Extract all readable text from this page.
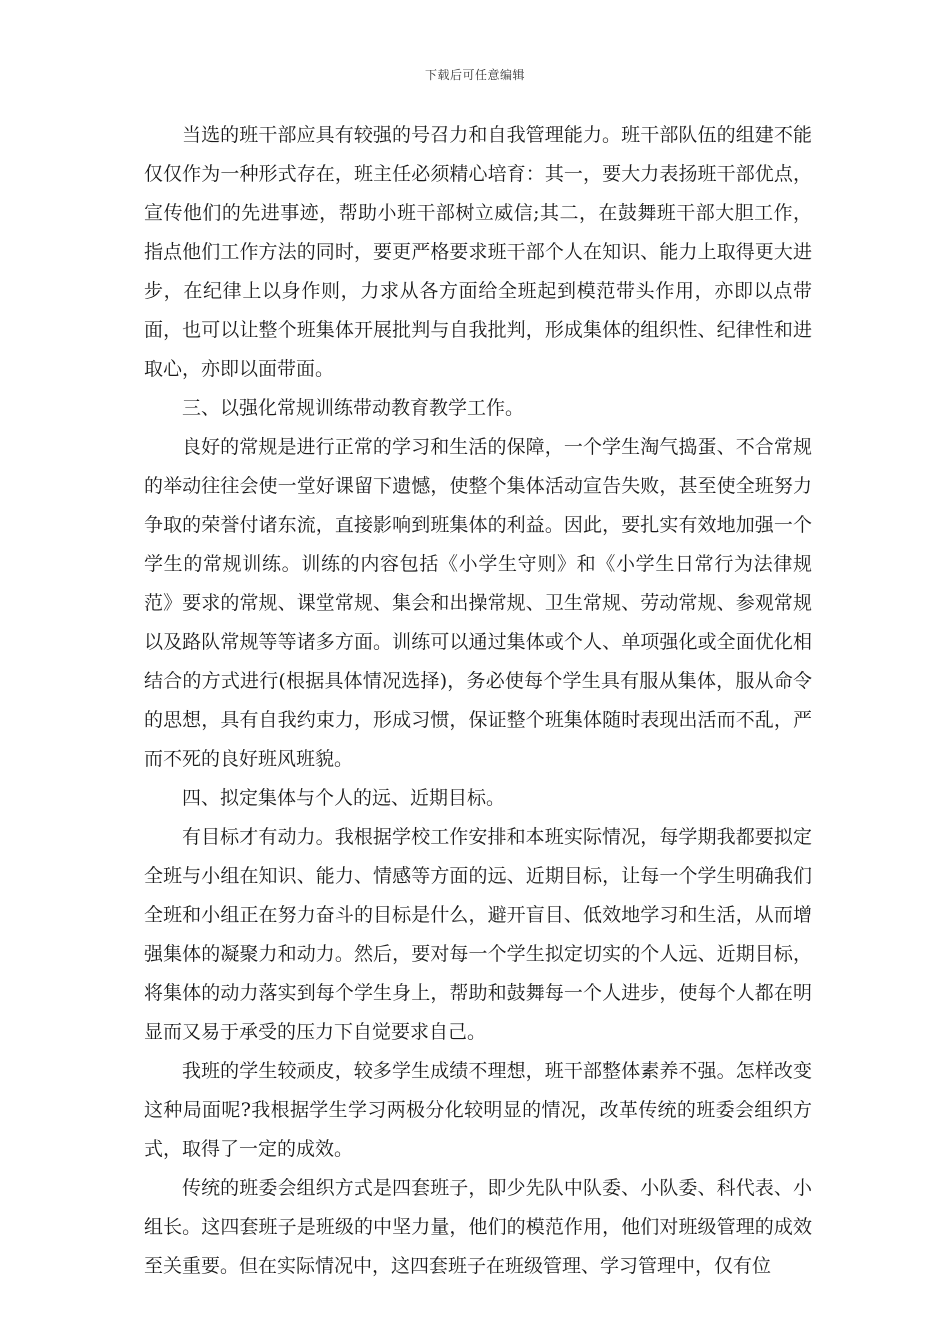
下载后可任意编辑

当选的班干部应具有较强的号召力和自我管理能力。班干部队伍的组建不能仅仅作为一种形式存在，班主任必须精心培育：其一，要大力表扬班干部优点，宣传他们的先进事迹，帮助小班干部树立威信;其二，在鼓舞班干部大胆工作，指点他们工作方法的同时，要更严格要求班干部个人在知识、能力上取得更大进步，在纪律上以身作则，力求从各方面给全班起到模范带头作用，亦即以点带面，也可以让整个班集体开展批判与自我批判，形成集体的组织性、纪律性和进取心，亦即以面带面。

三、以强化常规训练带动教育教学工作。

良好的常规是进行正常的学习和生活的保障，一个学生淘气捣蛋、不合常规的举动往往会使一堂好课留下遗憾，使整个集体活动宣告失败，甚至使全班努力争取的荣誉付诸东流，直接影响到班集体的利益。因此，要扎实有效地加强一个学生的常规训练。训练的内容包括《小学生守则》和《小学生日常行为法律规范》要求的常规、课堂常规、集会和出操常规、卫生常规、劳动常规、参观常规以及路队常规等等诸多方面。训练可以通过集体或个人、单项强化或全面优化相结合的方式进行(根据具体情况选择)，务必使每个学生具有服从集体，服从命令的思想，具有自我约束力，形成习惯，保证整个班集体随时表现出活而不乱，严而不死的良好班风班貌。

四、拟定集体与个人的远、近期目标。

有目标才有动力。我根据学校工作安排和本班实际情况，每学期我都要拟定全班与小组在知识、能力、情感等方面的远、近期目标，让每一个学生明确我们全班和小组正在努力奋斗的目标是什么，避开盲目、低效地学习和生活，从而增强集体的凝聚力和动力。然后，要对每一个学生拟定切实的个人远、近期目标，将集体的动力落实到每个学生身上，帮助和鼓舞每一个人进步，使每个人都在明显而又易于承受的压力下自觉要求自己。

我班的学生较顽皮，较多学生成绩不理想，班干部整体素养不强。怎样改变这种局面呢?我根据学生学习两极分化较明显的情况，改革传统的班委会组织方式，取得了一定的成效。

传统的班委会组织方式是四套班子，即少先队中队委、小队委、科代表、小组长。这四套班子是班级的中坚力量，他们的模范作用，他们对班级管理的成效至关重要。但在实际情况中，这四套班子在班级管理、学习管理中，仅有位
